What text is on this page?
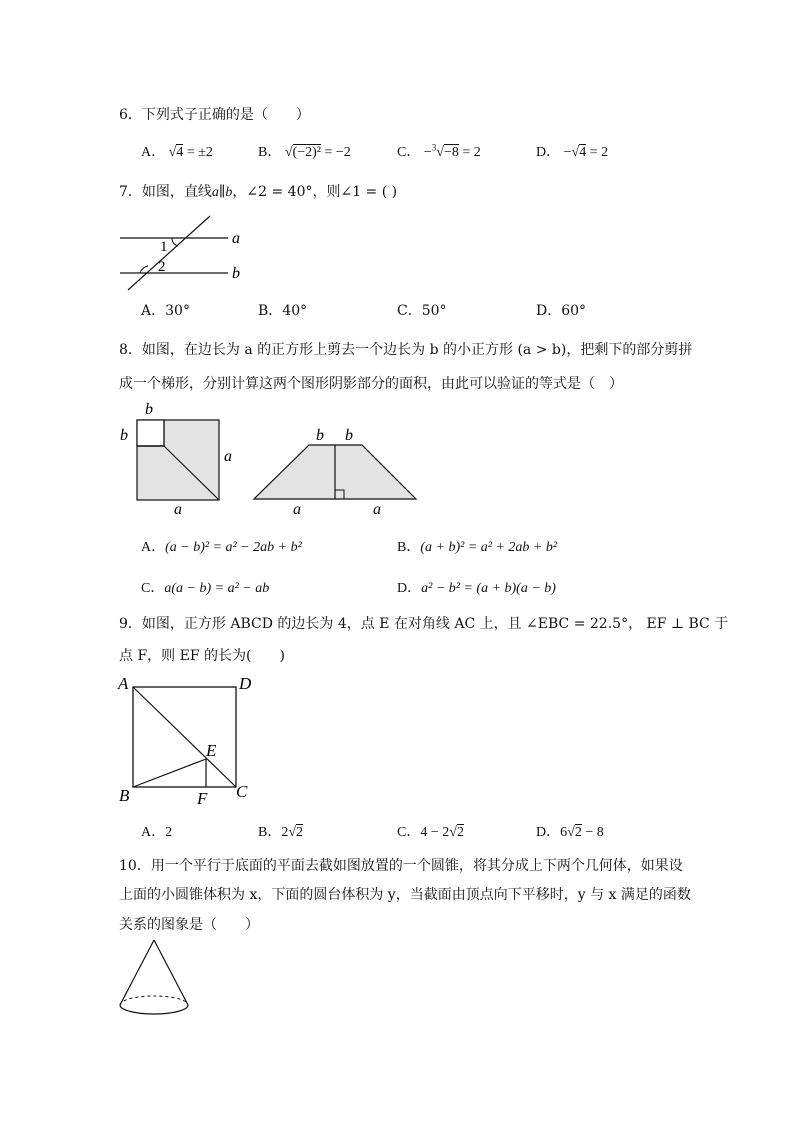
6．下列式子正确的是（　　）
A． √4 = ±2	B． √(−2)² = −2	C． −$^3$√−8 = 2	D． −√4 = 2
7．如图，直线a∥b，∠2 = 40°，则∠1 = ( )
1
2
a
b
A．30°	B．40°	C．50°	D．60°
8．如图，在边长为 a 的正方形上剪去一个边长为 b 的小正方形 (a > b)，把剩下的部分剪拼
成一个梯形，分别计算这两个图形阴影部分的面积，由此可以验证的等式是（　）
b
b
a
a
b b
a	a
A．(a − b)² = a² − 2ab + b²	B．(a + b)² = a² + 2ab + b²
C．a(a − b) = a² − ab	D．a² − b² = (a + b)(a − b)
9．如图，正方形 ABCD 的边长为 4，点 E 在对角线 AC 上，且 ∠EBC = 22.5°， EF ⊥ BC 于
点 F，则 EF 的长为(　　)
A	D
B	C
E
F
A．2	B．2√2	C．4 − 2√2	D．6√2 − 8
10．用一个平行于底面的平面去截如图放置的一个圆锥，将其分成上下两个几何体，如果设
上面的小圆锥体积为 x，下面的圆台体积为 y，当截面由顶点向下平移时，y 与 x 满足的函数
关系的图象是（　　）
